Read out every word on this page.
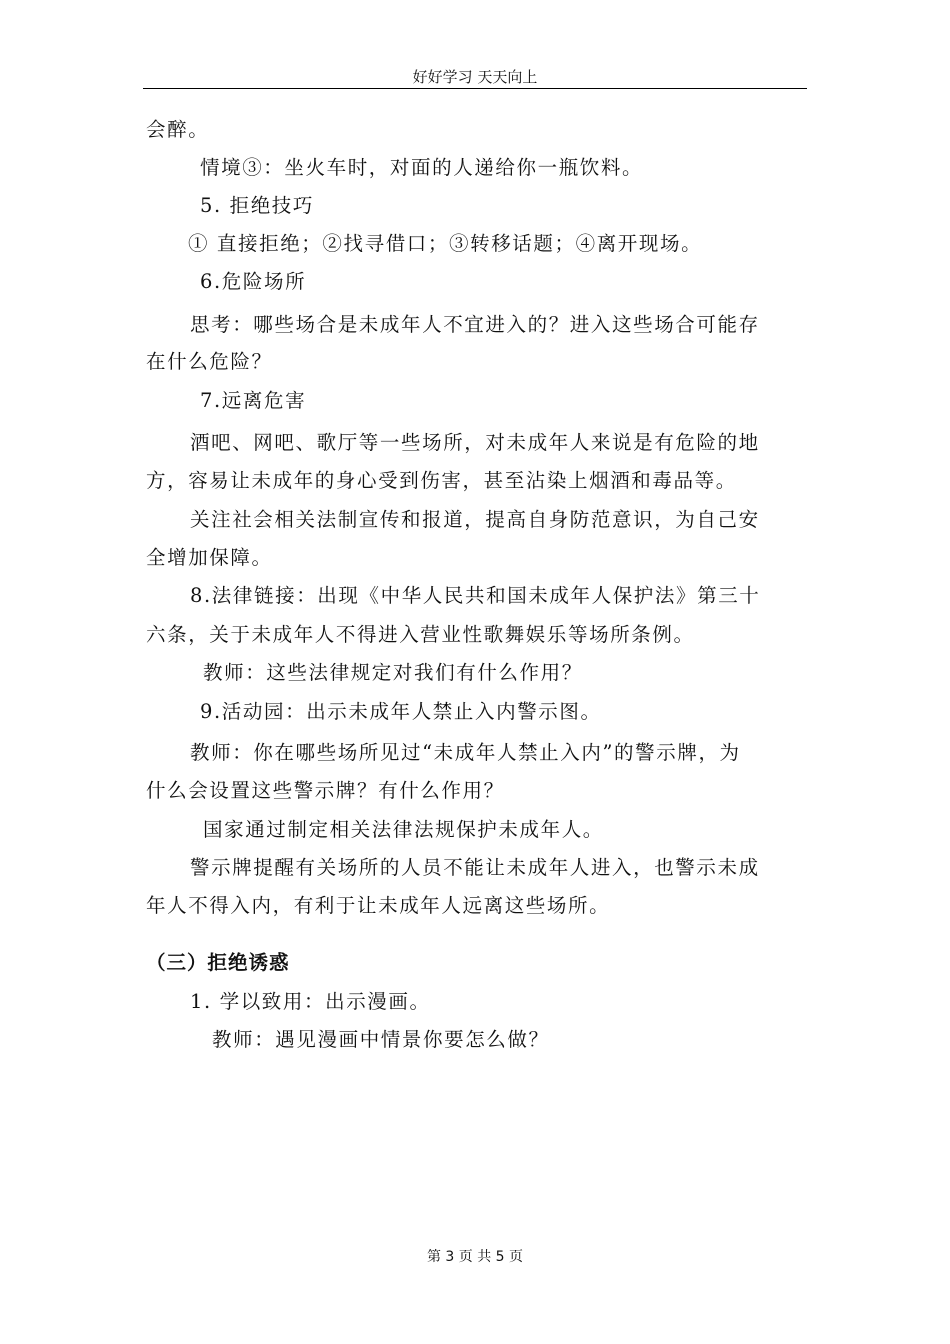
好好学习 天天向上
会醉。
情境③：坐火车时，对面的人递给你一瓶饮料。
5. 拒绝技巧
① 直接拒绝；②找寻借口；③转移话题；④离开现场。
6.危险场所
思考：哪些场合是未成年人不宜进入的？进入这些场合可能存
在什么危险？
7.远离危害
酒吧、网吧、歌厅等一些场所，对未成年人来说是有危险的地
方，容易让未成年的身心受到伤害，甚至沾染上烟酒和毒品等。
关注社会相关法制宣传和报道，提高自身防范意识，为自己安
全增加保障。
8.法律链接：出现《中华人民共和国未成年人保护法》第三十
六条，关于未成年人不得进入营业性歌舞娱乐等场所条例。
教师：这些法律规定对我们有什么作用？
9.活动园：出示未成年人禁止入内警示图。
教师：你在哪些场所见过“未成年人禁止入内”的警示牌，为
什么会设置这些警示牌？有什么作用？
国家通过制定相关法律法规保护未成年人。
警示牌提醒有关场所的人员不能让未成年人进入，也警示未成
年人不得入内，有利于让未成年人远离这些场所。
（三）拒绝诱惑
1. 学以致用：出示漫画。
教师：遇见漫画中情景你要怎么做？
第 3 页 共 5 页
